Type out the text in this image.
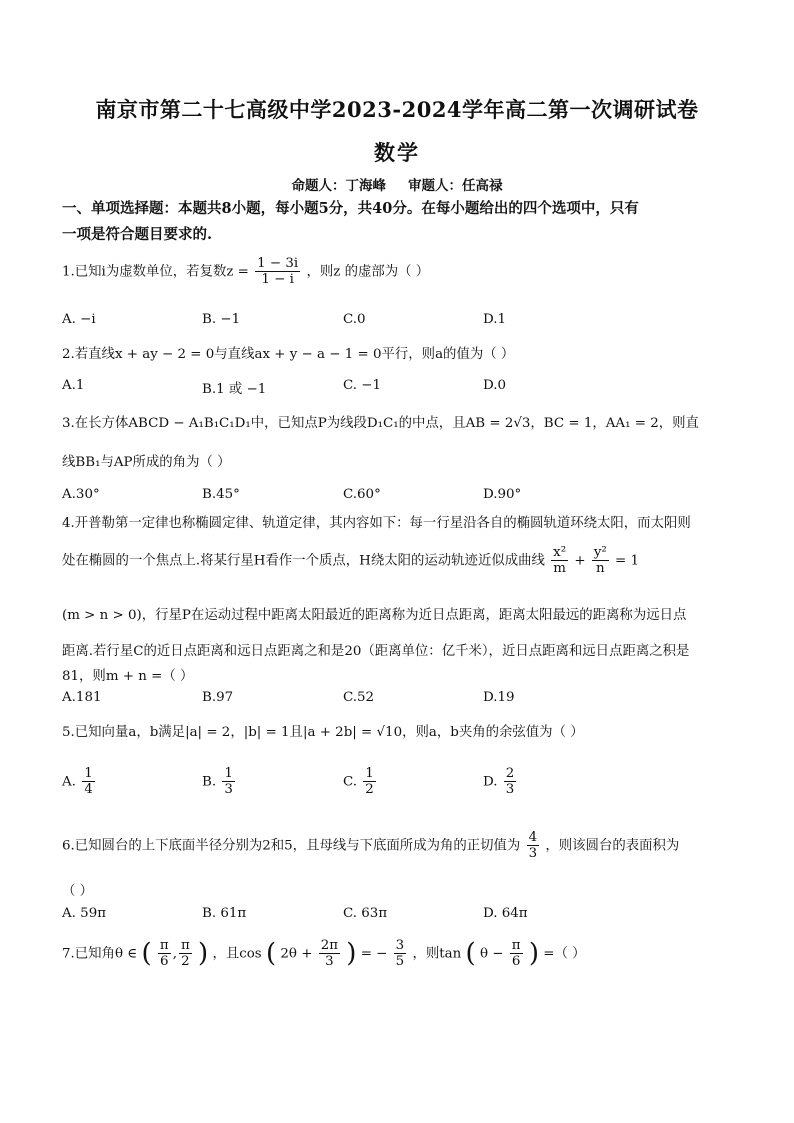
南京市第二十七高级中学2023-2024学年高二第一次调研试卷
数学
命题人：丁海峰 审题人：任高禄
一、单项选择题：本题共8小题，每小题5分，共40分。在每小题给出的四个选项中，只有
一项是符合题目要求的.
1.已知i为虚数单位，若复数$z = \frac{1 - 3i}{1 - i}$ ，则z 的虚部为（ ）
A. −i	B. −1	C.0	D.1
2.若直线x + ay − 2 = 0与直线ax + y − a − 1 = 0平行，则a的值为（ ）
A.1	B.1 或 −1	C. −1	D.0
3.在长方体ABCD − A₁B₁C₁D₁中，已知点P为线段D₁C₁的中点，且AB = 2√3，BC = 1，AA₁ = 2，则直
线BB₁与AP所成的角为（ ）
A.30°	B.45°	C.60°	D.90°
4.开普勒第一定律也称椭圆定律、轨道定律，其内容如下：每一行星沿各自的椭圆轨道环绕太阳，而太阳则
处在椭圆的一个焦点上.将某行星H看作一个质点，H绕太阳的运动轨迹近似成曲线 $\frac{\text{x²}}{m} + \frac{\text{y²}}{n} = 1$
(m > n > 0)，行星P在运动过程中距离太阳最近的距离称为近日点距离，距离太阳最远的距离称为远日点
距离.若行星C的近日点距离和远日点距离之和是20（距离单位：亿千米），近日点距离和远日点距离之积是
81，则m + n =（ ）
A.181	B.97	C.52	D.19
5.已知向量a，b满足|a| = 2，|b| = 1且|a + 2b| = √10，则a，b夹角的余弦值为（ ）
A. $\frac{1}{4}$	B. $\frac{1}{3}$	C. $\frac{1}{2}$	D. $\frac{2}{3}$
6.已知圆台的上下底面半径分别为2和5，且母线与下底面所成为角的正切值为 $\frac{4}{3}$ ，则该圆台的表面积为
（ ）
A. 59π	B. 61π	C. 63π	D. 64π
7.已知角θ ∈ ( $\frac{\pi}{6}$ , $\frac{\pi}{2}$ ) ，且cos ( $2\theta + \frac{2\pi}{3}$ ) = − $\frac{3}{5}$ ，则tan ( $\theta - \frac{\pi}{6}$ ) =（ ）
